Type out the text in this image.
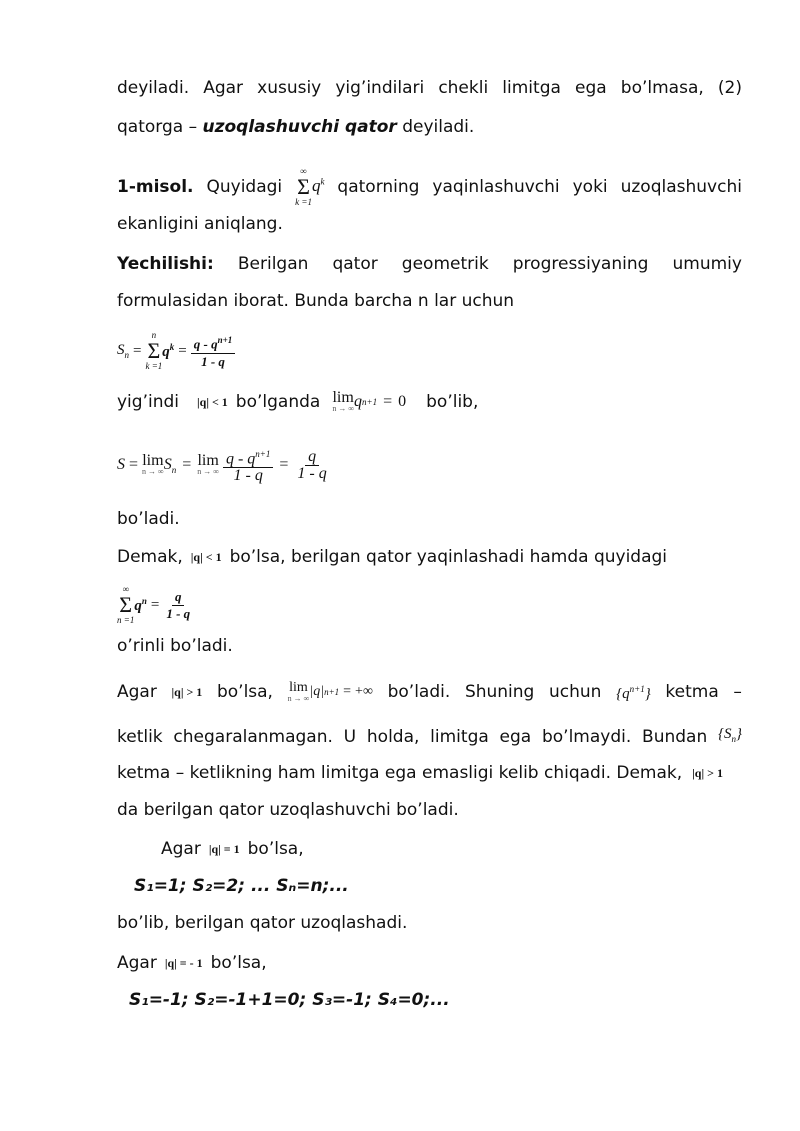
deyiladi. Agar xususiy yig’indilari chekli limitga ega bo’lmasa, (2)
qatorga – uzoqlashuvchi qator deyiladi.
1-misol. Quyidagi
∞
Σ
k =1
$q^k$ qatorning yaqinlashuvchi yoki uzoqlashuvchi
ekanligini aniqlang.
Yechilishi: Berilgan qator geometrik progressiyaning umumiy
formulasidan iborat. Bunda barcha n lar uchun
$S_n$ =
n
Σ
k =1
$q^k = \frac{q - q^{n+1}}{1 - q}$
yig’indi |q| < 1 bo’lganda lim
n → ∞ q n+1 = 0 bo’lib,
S = lim
n → ∞ $S_n = \lim$
n → ∞ $\frac{q - q^{n+1}}{1 - q} = \frac{q}{1 - q}$
bo’ladi.
Demak, |q| < 1 bo’lsa, berilgan qator yaqinlashadi hamda quyidagi
∞
Σ
n =1
$q^n = \frac{q}{1 - q}$
o’rinli bo’ladi.
Agar |q| > 1 bo’lsa, lim
n → ∞ | q | n+1 = +∞ bo’ladi. Shuning uchun $\{q^{n+1}\}$ ketma –
ketlik chegaralanmagan. U holda, limitga ega bo’lmaydi. Bundan $\{S_n\}$
ketma – ketlikning ham limitga ega emasligi kelib chiqadi. Demak, |q| > 1
da berilgan qator uzoqlashuvchi bo’ladi.
Agar |q| = 1 bo’lsa,
S₁=1; S₂=2; ... Sₙ=n;...
bo’lib, berilgan qator uzoqlashadi.
Agar |q| = - 1 bo’lsa,
S₁=-1; S₂=-1+1=0; S₃=-1; S₄=0;...
